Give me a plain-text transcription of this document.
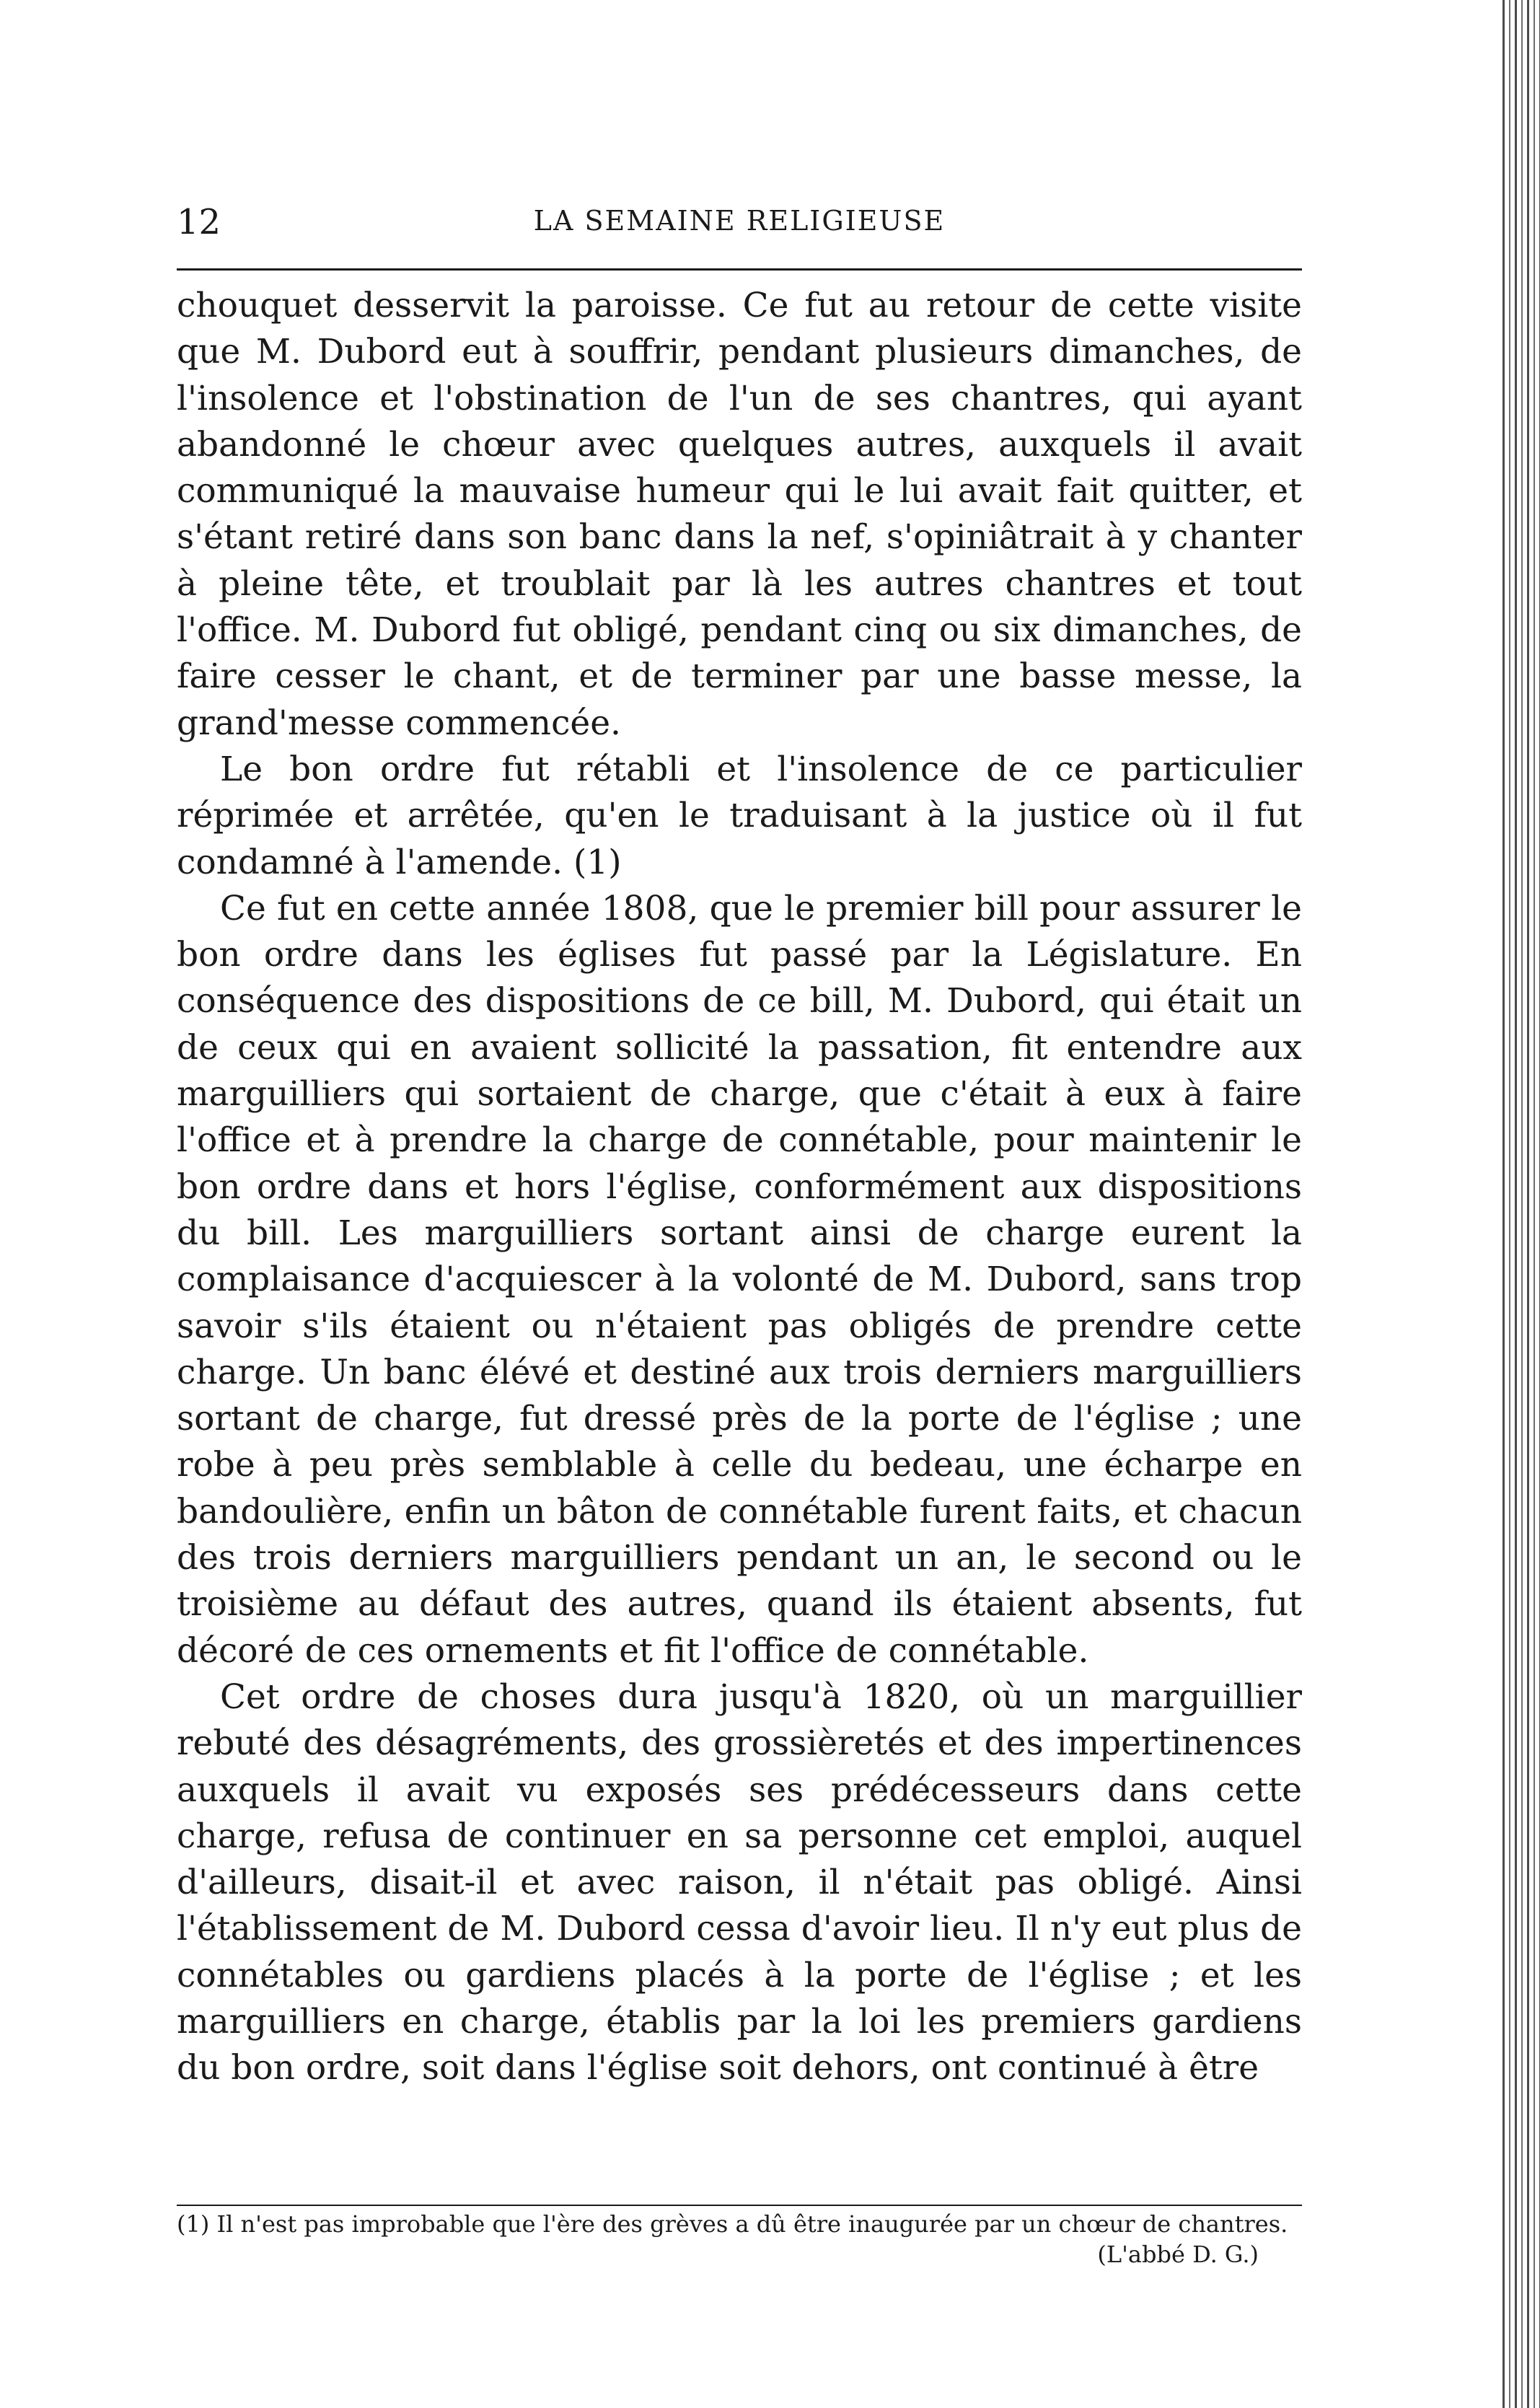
12	LA SEMAINE RELIGIEUSE

chouquet desservit la paroisse. Ce fut au retour de cette visite que M. Dubord eut à souffrir, pendant plusieurs dimanches, de l'insolence et l'obstination de l'un de ses chantres, qui ayant abandonné le chœur avec quelques autres, auxquels il avait communiqué la mauvaise humeur qui le lui avait fait quitter, et s'étant retiré dans son banc dans la nef, s'opiniâtrait à y chanter à pleine tête, et troublait par là les autres chantres et tout l'office. M. Dubord fut obligé, pendant cinq ou six dimanches, de faire cesser le chant, et de terminer par une basse messe, la grand'messe commencée.

Le bon ordre fut rétabli et l'insolence de ce particulier réprimée et arrêtée, qu'en le traduisant à la justice où il fut condamné à l'amende. (1)

Ce fut en cette année 1808, que le premier bill pour assurer le bon ordre dans les églises fut passé par la Législature. En conséquence des dispositions de ce bill, M. Dubord, qui était un de ceux qui en avaient sollicité la passation, fit entendre aux marguilliers qui sortaient de charge, que c'était à eux à faire l'office et à prendre la charge de connétable, pour maintenir le bon ordre dans et hors l'église, conformément aux dispositions du bill. Les marguilliers sortant ainsi de charge eurent la complaisance d'acquiescer à la volonté de M. Dubord, sans trop savoir s'ils étaient ou n'étaient pas obligés de prendre cette charge. Un banc élévé et destiné aux trois derniers marguilliers sortant de charge, fut dressé près de la porte de l'église ; une robe à peu près semblable à celle du bedeau, une écharpe en bandoulière, enfin un bâton de connétable furent faits, et chacun des trois derniers marguilliers pendant un an, le second ou le troisième au défaut des autres, quand ils étaient absents, fut décoré de ces ornements et fit l'office de connétable.

Cet ordre de choses dura jusqu'à 1820, où un marguillier rebuté des désagréments, des grossièretés et des impertinences auxquels il avait vu exposés ses prédécesseurs dans cette charge, refusa de continuer en sa personne cet emploi, auquel d'ailleurs, disait-il et avec raison, il n'était pas obligé. Ainsi l'établissement de M. Dubord cessa d'avoir lieu. Il n'y eut plus de connétables ou gardiens placés à la porte de l'église ; et les marguilliers en charge, établis par la loi les premiers gardiens du bon ordre, soit dans l'église soit dehors, ont continué à être

(1) Il n'est pas improbable que l'ère des grèves a dû être inaugurée par un chœur de chantres.
(L'abbé D. G.)
